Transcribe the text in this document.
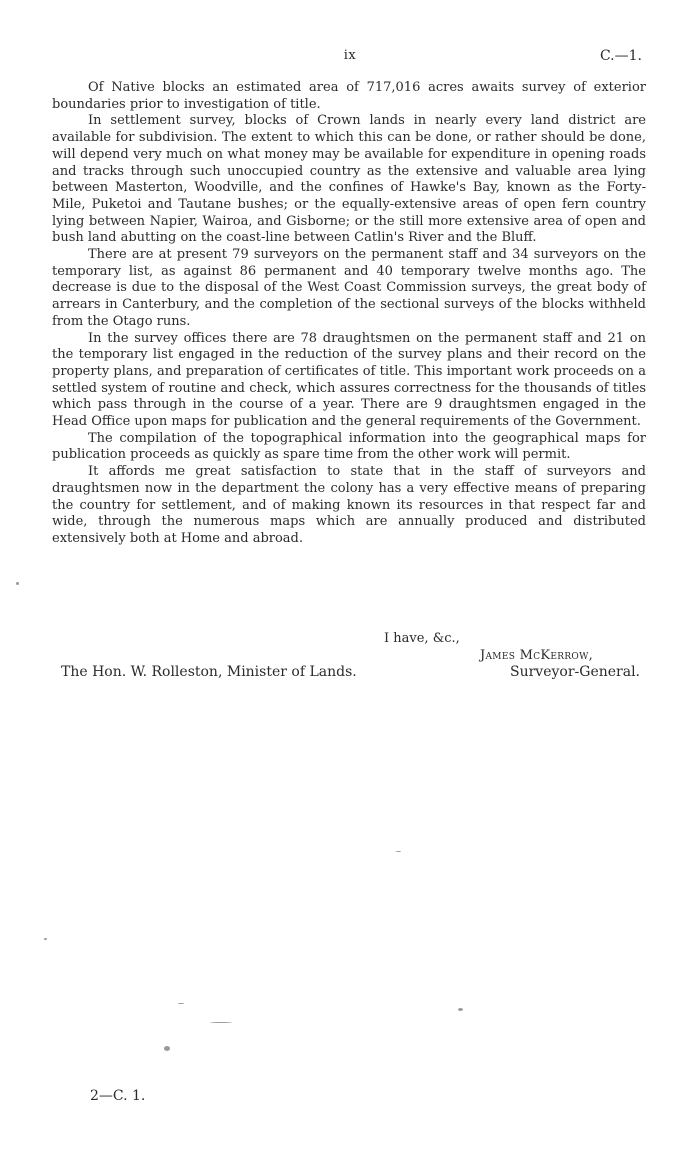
ix	C.—1.

Of Native blocks an estimated area of 717,016 acres awaits survey of exterior boundaries prior to investigation of title.

In settlement survey, blocks of Crown lands in nearly every land district are available for subdivision. The extent to which this can be done, or rather should be done, will depend very much on what money may be available for expenditure in opening roads and tracks through such unoccupied country as the extensive and valuable area lying between Masterton, Woodville, and the confines of Hawke's Bay, known as the Forty-Mile, Puketoi and Tautane bushes; or the equally-extensive areas of open fern country lying between Napier, Wairoa, and Gisborne; or the still more extensive area of open and bush land abutting on the coast-line between Catlin's River and the Bluff.

There are at present 79 surveyors on the permanent staff and 34 surveyors on the temporary list, as against 86 permanent and 40 temporary twelve months ago. The decrease is due to the disposal of the West Coast Commission surveys, the great body of arrears in Canterbury, and the completion of the sectional surveys of the blocks withheld from the Otago runs.

In the survey offices there are 78 draughtsmen on the permanent staff and 21 on the temporary list engaged in the reduction of the survey plans and their record on the property plans, and preparation of certificates of title. This important work proceeds on a settled system of routine and check, which assures correctness for the thousands of titles which pass through in the course of a year. There are 9 draughtsmen engaged in the Head Office upon maps for publication and the general requirements of the Government.

The compilation of the topographical information into the geographical maps for publication proceeds as quickly as spare time from the other work will permit.

It affords me great satisfaction to state that in the staff of surveyors and draughtsmen now in the department the colony has a very effective means of preparing the country for settlement, and of making known its resources in that respect far and wide, through the numerous maps which are annually produced and distributed extensively both at Home and abroad.

I have, &c.,
James McKerrow,
The Hon. W. Rolleston, Minister of Lands.	Surveyor-General.
2—C. 1.
